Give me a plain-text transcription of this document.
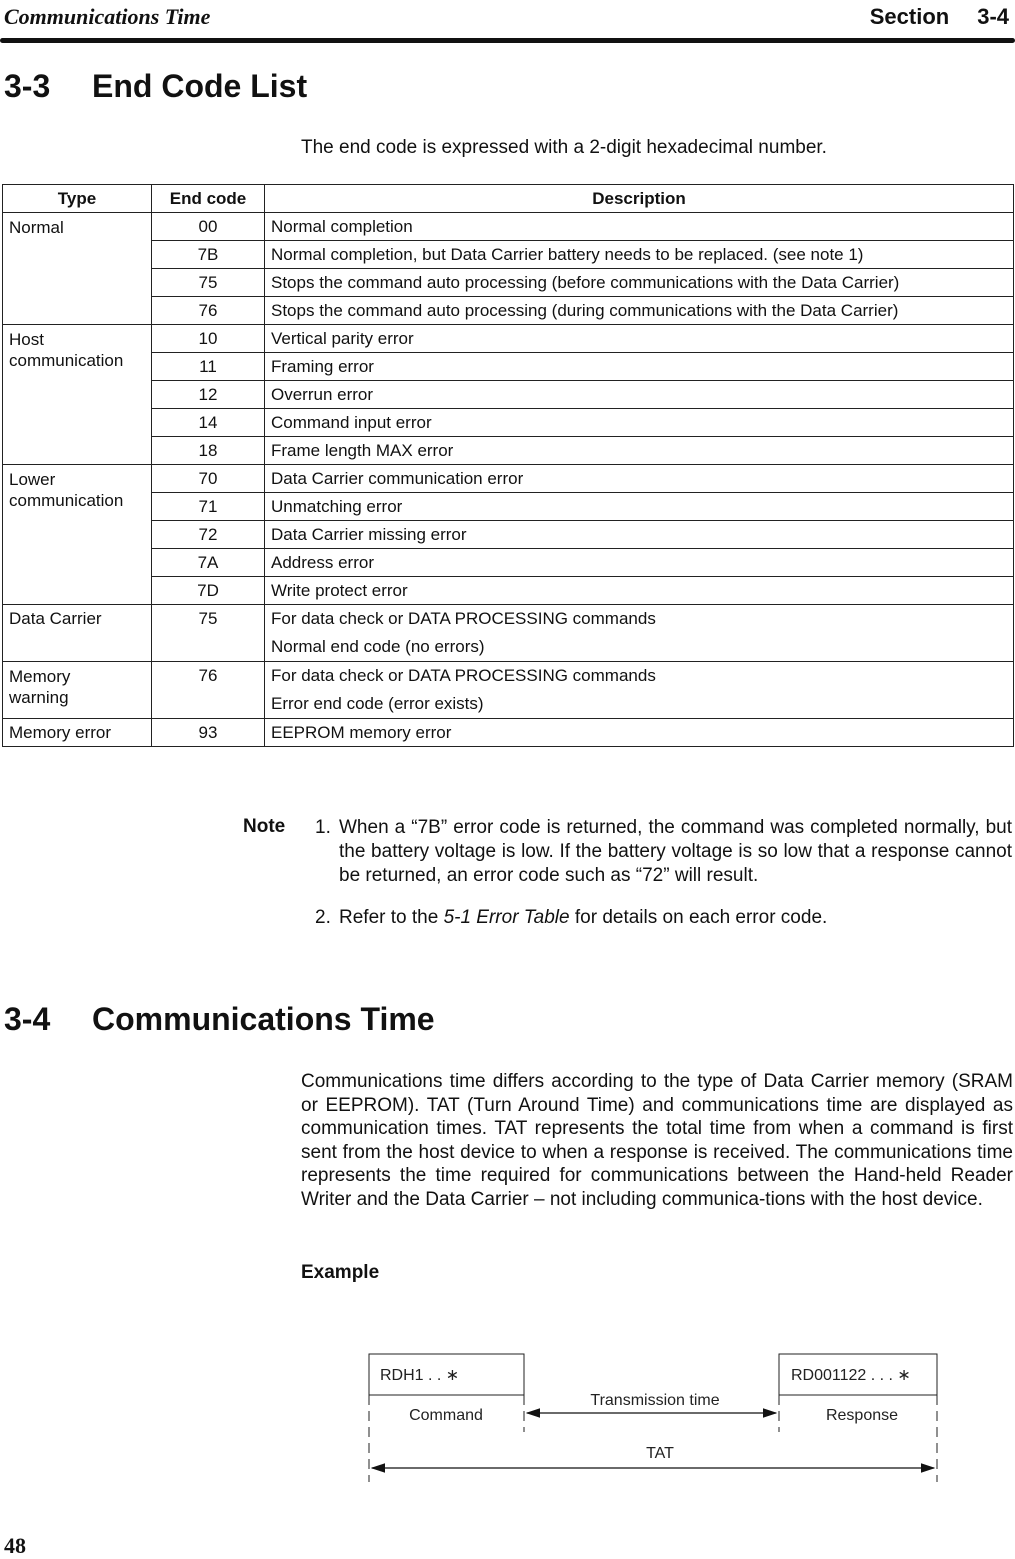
Communications Time	Section 3-4
3-3 End Code List
The end code is expressed with a 2-digit hexadecimal number.
Type	End code	Description
Normal	00	Normal completion
	7B	Normal completion, but Data Carrier battery needs to be replaced. (see note 1)
	75	Stops the command auto processing (before communications with the Data Carrier)
	76	Stops the command auto processing (during communications with the Data Carrier)
Host
communication	10	Vertical parity error
	11	Framing error
	12	Overrun error
	14	Command input error
	18	Frame length MAX error
Lower
communication	70	Data Carrier communication error
	71	Unmatching error
	72	Data Carrier missing error
	7A	Address error
	7D	Write protect error
Data Carrier	75	For data check or DATA PROCESSING commands
Normal end code (no errors)
Memory
warning	76	For data check or DATA PROCESSING commands
Error end code (error exists)
Memory error	93	EEPROM memory error
Note 1. When a “7B” error code is returned, the command was completed normally, but the battery voltage is low. If the battery voltage is so low that a response cannot be returned, an error code such as “72” will result.
2. Refer to the 5-1 Error Table for details on each error code.
3-4 Communications Time
Communications time differs according to the type of Data Carrier memory (SRAM or EEPROM). TAT (Turn Around Time) and communications time are displayed as communication times. TAT represents the total time from when a command is first sent from the host device to when a response is received. The communications time represents the time required for communications between the Hand-held Reader Writer and the Data Carrier – not including communica-tions with the host device.
Example
RDH1 . . ∗	RD001122 . . . ∗
Command	Response
Transmission time
TAT
48
